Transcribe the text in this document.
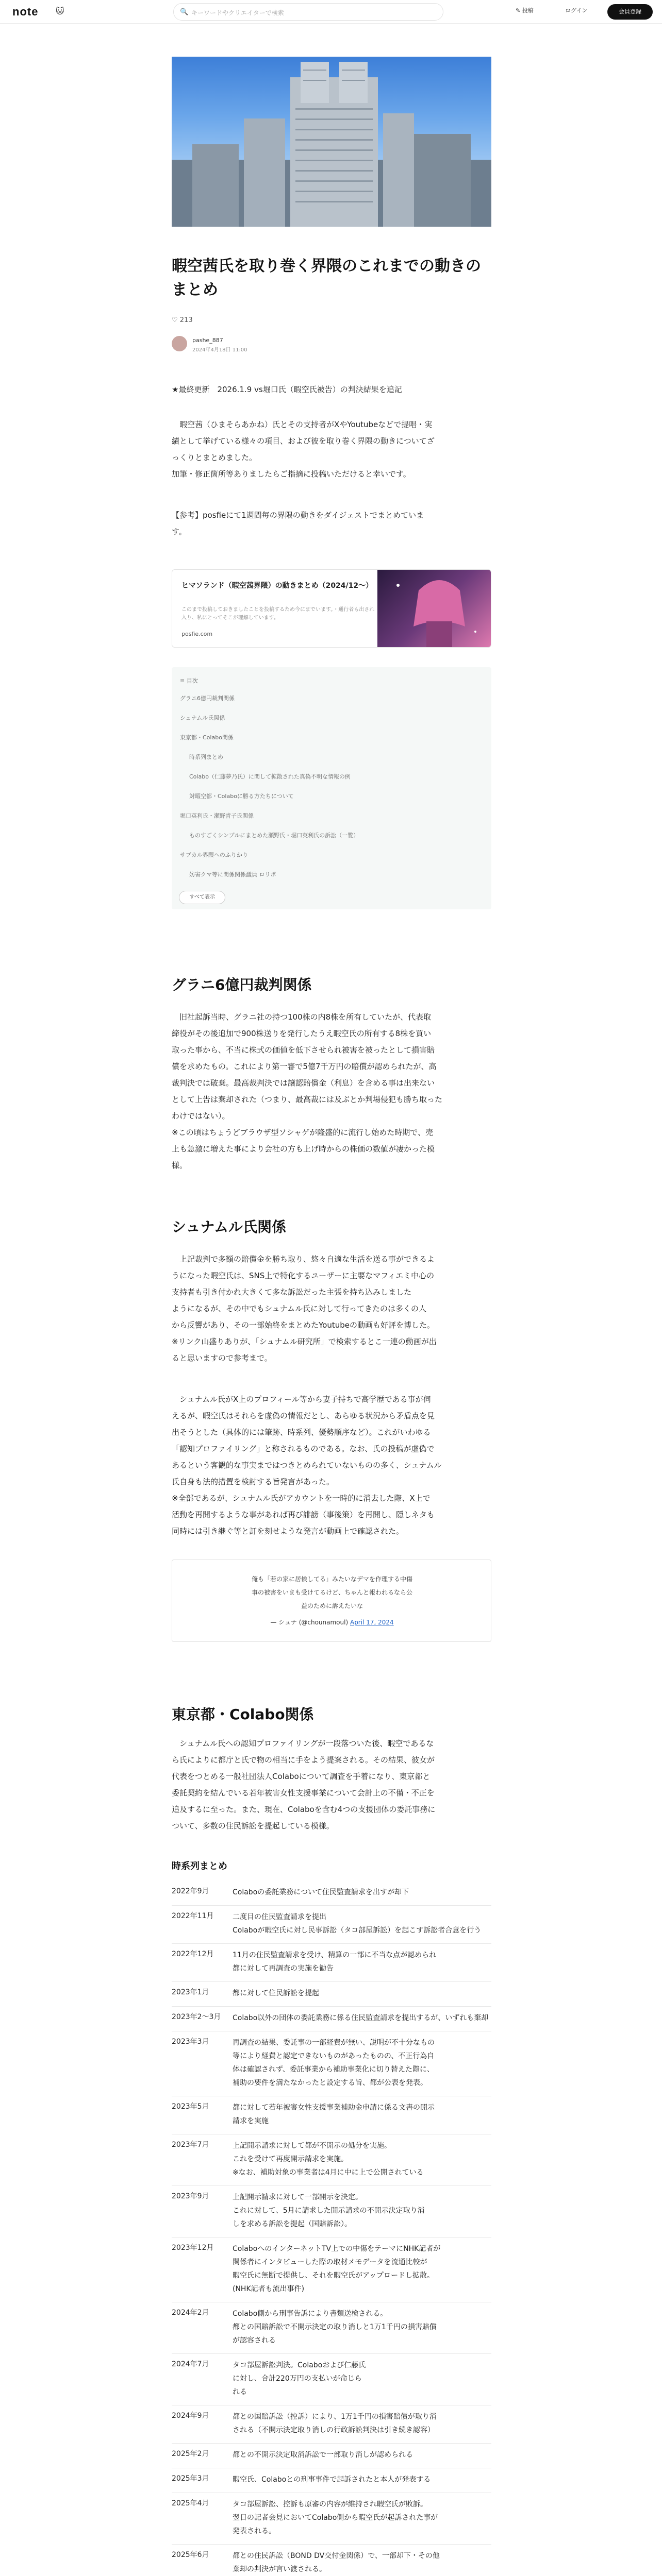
note 🐱	🔍 キーワードやクリエイターで検索	✎ 投稿	ログイン	会員登録
暇空茜氏を取り巻く界隈のこれまでの動きのまとめ
♡ 213
pashe_887
2024年4月18日 11:00
★最終更新　2026.1.9 vs堀口氏（暇空氏被告）の判決結果を追記
　暇空茜（ひまそらあかね）氏とその支持者がXやYoutubeなどで提唱・実
績として挙げている様々の項目、および彼を取り巻く界隈の動きについてざ
っくりとまとめました。
加筆・修正箇所等ありましたらご指摘に投稿いただけると幸いです。
【参考】posfieにて1週間毎の界隈の動きをダイジェストでまとめていま
す。
ヒマソランド（暇空茜界隈）の動きまとめ（2024/12〜）
このまで投稿しておきましたことを投稿するため今にまでいます。・通行者も出され入り、私にとってそこが理解しています。
posfie.com
≡ 目次
グラニ6億円裁判関係
シュナムル氏関係
東京都・Colabo関係
時系列まとめ
Colabo（仁藤夢乃氏）に関して拡散された真偽不明な情報の例
対暇空都・Colaboに勝る方たちについて
堀口英利氏・瀬野青子氏関係
ものすごくシンプルにまとめた瀬野氏・堀口英利氏の訴訟（一覧）
サブカル界隈へのふりかり
妨害クマ等に関係関係議員 ロリポ
すべて表示
グラニ6億円裁判関係
　旧社起訴当時、グラニ社の持つ100株の内8株を所有していたが、代表取
締役がその後追加で900株送りを発行したうえ暇空氏の所有する8株を買い
取った事から、不当に株式の価値を低下させられ被害を被ったとして損害賠
償を求めたもの。これにより第一審で5億7千万円の賠償が認められたが、高
裁判決では破棄。最高裁判決では譲認賠償金（利息）を含める事は出来ない
として上告は棄却された（つまり、最高裁には及ぶとか判場侵犯も勝ち取った
わけではない）。
※この頃はちょうどブラウザ型ソシャゲが隆盛的に流行し始めた時期で、売
上も急激に増えた事により会社の方も上げ時からの株価の数値が凄かった模
様。
シュナムル氏関係
　上記裁判で多額の賠償金を勝ち取り、悠々自適な生活を送る事ができるよ
うになった暇空氏は、SNS上で特化するユーザーに主要なマフィエミ中心の
支持者も引き付かれ大きくて多な訴訟だった主張を持ち込みしました
ようになるが、その中でもシュナムル氏に対して行ってきたのは多くの人
から反響があり、その一部始終をまとめたYoutubeの動画も好評を博した。
※リンク山盛りありが、「シュナムル研究所」で検索するとこ一連の動画が出
ると思いますので参考まで。
　シュナムル氏がX上のプロフィール等から妻子持ちで高学歴である事が伺
えるが、暇空氏はそれらを虚偽の情報だとし、あらゆる状況から矛盾点を見
出そうとした（具体的には筆跡、時系列、優勢順序など）。これがいわゆる
「認知プロファイリング」と称されるものである。なお、氏の投稿が虚偽で
あるという客観的な事実まではつきとめられていないものの多く、シュナムル
氏自身も法的措置を検討する旨発言があった。
※全部であるが、シュナムル氏がアカウントを一時的に消去した際、X上で
活動を再開するような事があれば再び誹謗（事後策）を再開し、隠しネタも
同時には引き継ぐ等と訂を刻せような発言が動画上で確認された。
俺も「若の家に居候してる」みたいなデマを作理する中傷
事の被害をいまも受けてるけど、ちゃんと報われるなら公
益のために訴えたいな
— シュナ (@chounamoul) April 17, 2024
東京都・Colabo関係
　シュナムル氏への認知プロファイリングが一段落ついた後、暇空であるな
ら氏によりに都庁と氏で物の相当に手をよう提案される。その結果、彼女が
代表をつとめる一般社団法人Colaboについて調査を手着になり、東京都と
委託契約を結んでいる若年被害女性支援事業について会計上の不備・不正を
追及するに至った。また、現在、Colaboを含む4つの支援団体の委託事務に
ついて、多数の住民訴訟を提起している模様。
時系列まとめ
2022年9月	Colaboの委託業務について住民監査請求を出すが却下
2022年11月	二度目の住民監査請求を提出
Colaboが暇空氏に対し民事訴訟（タコ部屋訴訟）を起こす訴訟者合意を行う
2022年12月	11月の住民監査請求を受け、精算の一部に不当な点が認められ
都に対して再調査の実施を勧告
2023年1月	都に対して住民訴訟を提起
2023年2〜3月 Colabo以外の団体の委託業務に係る住民監査請求を提出するが、いずれも棄却
2023年3月	再調査の結果、委託事の一部経費が無い、説明が不十分なもの
等により経費と認定できないものがあったものの、不正行為自
体は確認されず、委託事業から補助事業化に切り替えた際に、
補助の要件を満たなかったと設定する旨、都が公表を発表。
2023年5月	都に対して若年被害女性支援事業補助金申請に係る文書の開示
請求を実施
2023年7月	上記開示請求に対して都が不開示の処分を実施。
これを受けて再度開示請求を実施。
※なお、補助対象の事業者は4月に中に上で公開されている
2023年9月	上記開示請求に対して一部開示を決定。
これに対して、5月に請求した開示請求の不開示決定取り消
しを求める訴訟を提起（国賠訴訟）。
2023年12月	ColaboへのインターネットTV上での中傷をテーマにNHK記者が
関係者にインタビューした際の取材メモデータを流通比較が
暇空氏に無断で提供し、それを暇空氏がアップロードし拡散。
(NHK記者も流出事件)
2024年2月	Colabo側から刑事告訴により書類送検される。
都との国賠訴訟で不開示決定の取り消しと1万1千円の損害賠償
が認容される
2024年7月	タコ部屋訴訟判決。Colaboおよび仁藤氏
に対し、合計220万円の支払いが命じら
れる
2024年9月	都との国賠訴訟（控訴）により、1万1千円の損害賠償が取り消
される（不開示決定取り消しの行政訴訟判決は引き続き認容）
2025年2月	都との不開示決定取消訴訟で一部取り消しが認められる
2025年3月	暇空氏、Colaboとの刑事事件で起訴されたと本人が発表する
2025年4月	タコ部屋訴訟、控訴も原審の内容が維持され暇空氏が敗訴。
翌日の記者会見においてColabo側から暇空氏が起訴された事が
発表される。
2025年6月	都との住民訴訟（BOND DV交付金関係）で、一部却下・その他
棄却の判決が言い渡される。
